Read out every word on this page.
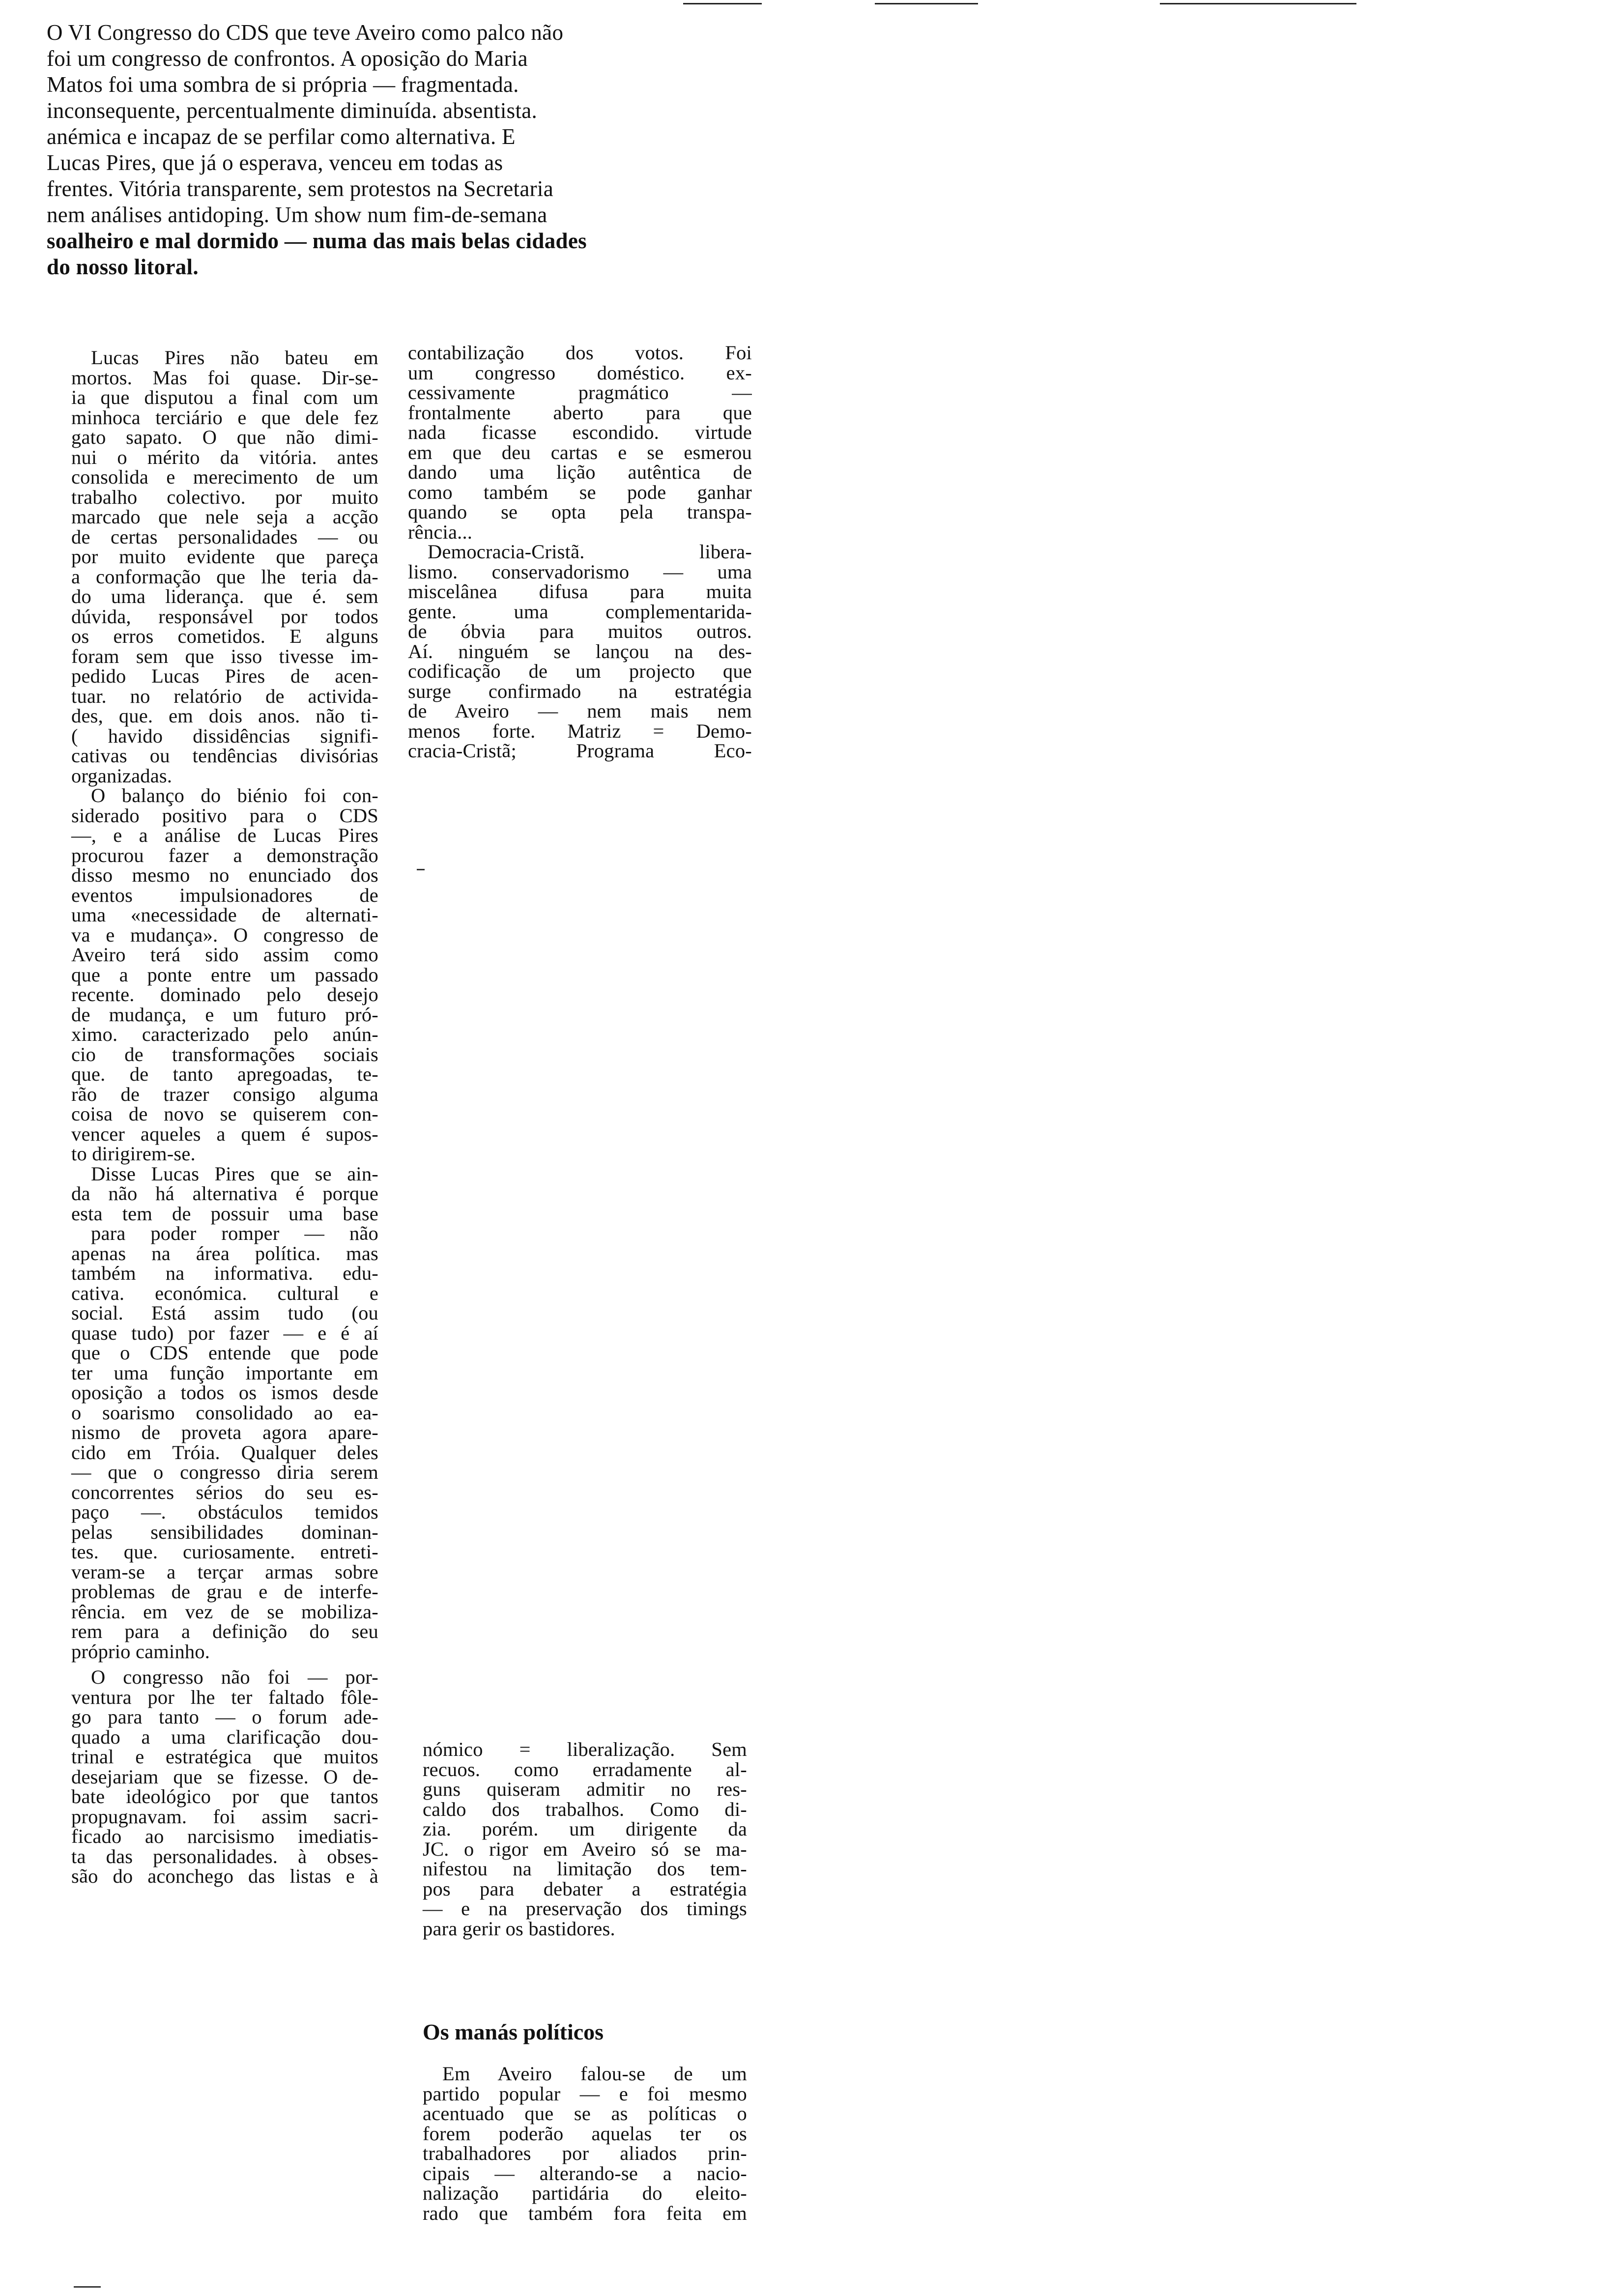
O VI Congresso do CDS que teve Aveiro como palco não
foi um congresso de confrontos. A oposição do Maria
Matos foi uma sombra de si própria — fragmentada.
inconsequente, percentualmente diminuída. absentista.
anémica e incapaz de se perfilar como alternativa. E
Lucas Pires, que já o esperava, venceu em todas as
frentes. Vitória transparente, sem protestos na Secretaria
nem análises antidoping. Um show num fim-de-semana
soalheiro e mal dormido — numa das mais belas cidades
do nosso litoral.
Lucas Pires não bateu em
mortos. Mas foi quase. Dir-se-
ia que disputou a final com um
minhoca terciário e que dele fez
gato sapato. O que não dimi-
nui o mérito da vitória. antes
consolida e merecimento de um
trabalho colectivo. por muito
marcado que nele seja a acção
de certas personalidades — ou
por muito evidente que pareça
a conformação que lhe teria da-
do uma liderança. que é. sem
dúvida, responsável por todos
os erros cometidos. E alguns
foram sem que isso tivesse im-
pedido Lucas Pires de acen-
tuar. no relatório de activida-
des, que. em dois anos. não ti-
( havido dissidências signifi-
cativas ou tendências divisórias
organizadas.
O balanço do biénio foi con-
siderado positivo para o CDS
—, e a análise de Lucas Pires
procurou fazer a demonstração
disso mesmo no enunciado dos
eventos impulsionadores de
uma «necessidade de alternati-
va e mudança». O congresso de
Aveiro terá sido assim como
que a ponte entre um passado
recente. dominado pelo desejo
de mudança, e um futuro pró-
ximo. caracterizado pelo anún-
cio de transformações sociais
que. de tanto apregoadas, te-
rão de trazer consigo alguma
coisa de novo se quiserem con-
vencer aqueles a quem é supos-
to dirigirem-se.
Disse Lucas Pires que se ain-
da não há alternativa é porque
esta tem de possuir uma base
para poder romper — não
apenas na área política. mas
também na informativa. edu-
cativa. económica. cultural e
social. Está assim tudo (ou
quase tudo) por fazer — e é aí
que o CDS entende que pode
ter uma função importante em
oposição a todos os ismos desde
o soarismo consolidado ao ea-
nismo de proveta agora apare-
cido em Tróia. Qualquer deles
— que o congresso diria serem
concorrentes sérios do seu es-
paço —. obstáculos temidos
pelas sensibilidades dominan-
tes. que. curiosamente. entreti-
veram-se a terçar armas sobre
problemas de grau e de interfe-
rência. em vez de se mobiliza-
rem para a definição do seu
próprio caminho.
O congresso não foi — por-
ventura por lhe ter faltado fôle-
go para tanto — o forum ade-
quado a uma clarificação dou-
trinal e estratégica que muitos
desejariam que se fizesse. O de-
bate ideológico por que tantos
propugnavam. foi assim sacri-
ficado ao narcisismo imediatis-
ta das personalidades. à obses-
são do aconchego das listas e à
contabilização dos votos. Foi
um congresso doméstico. ex-
cessivamente pragmático —
frontalmente aberto para que
nada ficasse escondido. virtude
em que deu cartas e se esmerou
dando uma lição autêntica de
como também se pode ganhar
quando se opta pela transpa-
rência...
Democracia-Cristã. libera-
lismo. conservadorismo — uma
miscelânea difusa para muita
gente. uma complementarida-
de óbvia para muitos outros.
Aí. ninguém se lançou na des-
codificação de um projecto que
surge confirmado na estratégia
de Aveiro — nem mais nem
menos forte. Matriz = Demo-
cracia-Cristã; Programa Eco-
nómico = liberalização. Sem
recuos. como erradamente al-
guns quiseram admitir no res-
caldo dos trabalhos. Como di-
zia. porém. um dirigente da
JC. o rigor em Aveiro só se ma-
nifestou na limitação dos tem-
pos para debater a estratégia
— e na preservação dos timings
para gerir os bastidores.
Os manás políticos
Em Aveiro falou-se de um
partido popular — e foi mesmo
acentuado que se as políticas o
forem poderão aquelas ter os
trabalhadores por aliados prin-
cipais — alterando-se a nacio-
nalização partidária do eleito-
rado que também fora feita em
